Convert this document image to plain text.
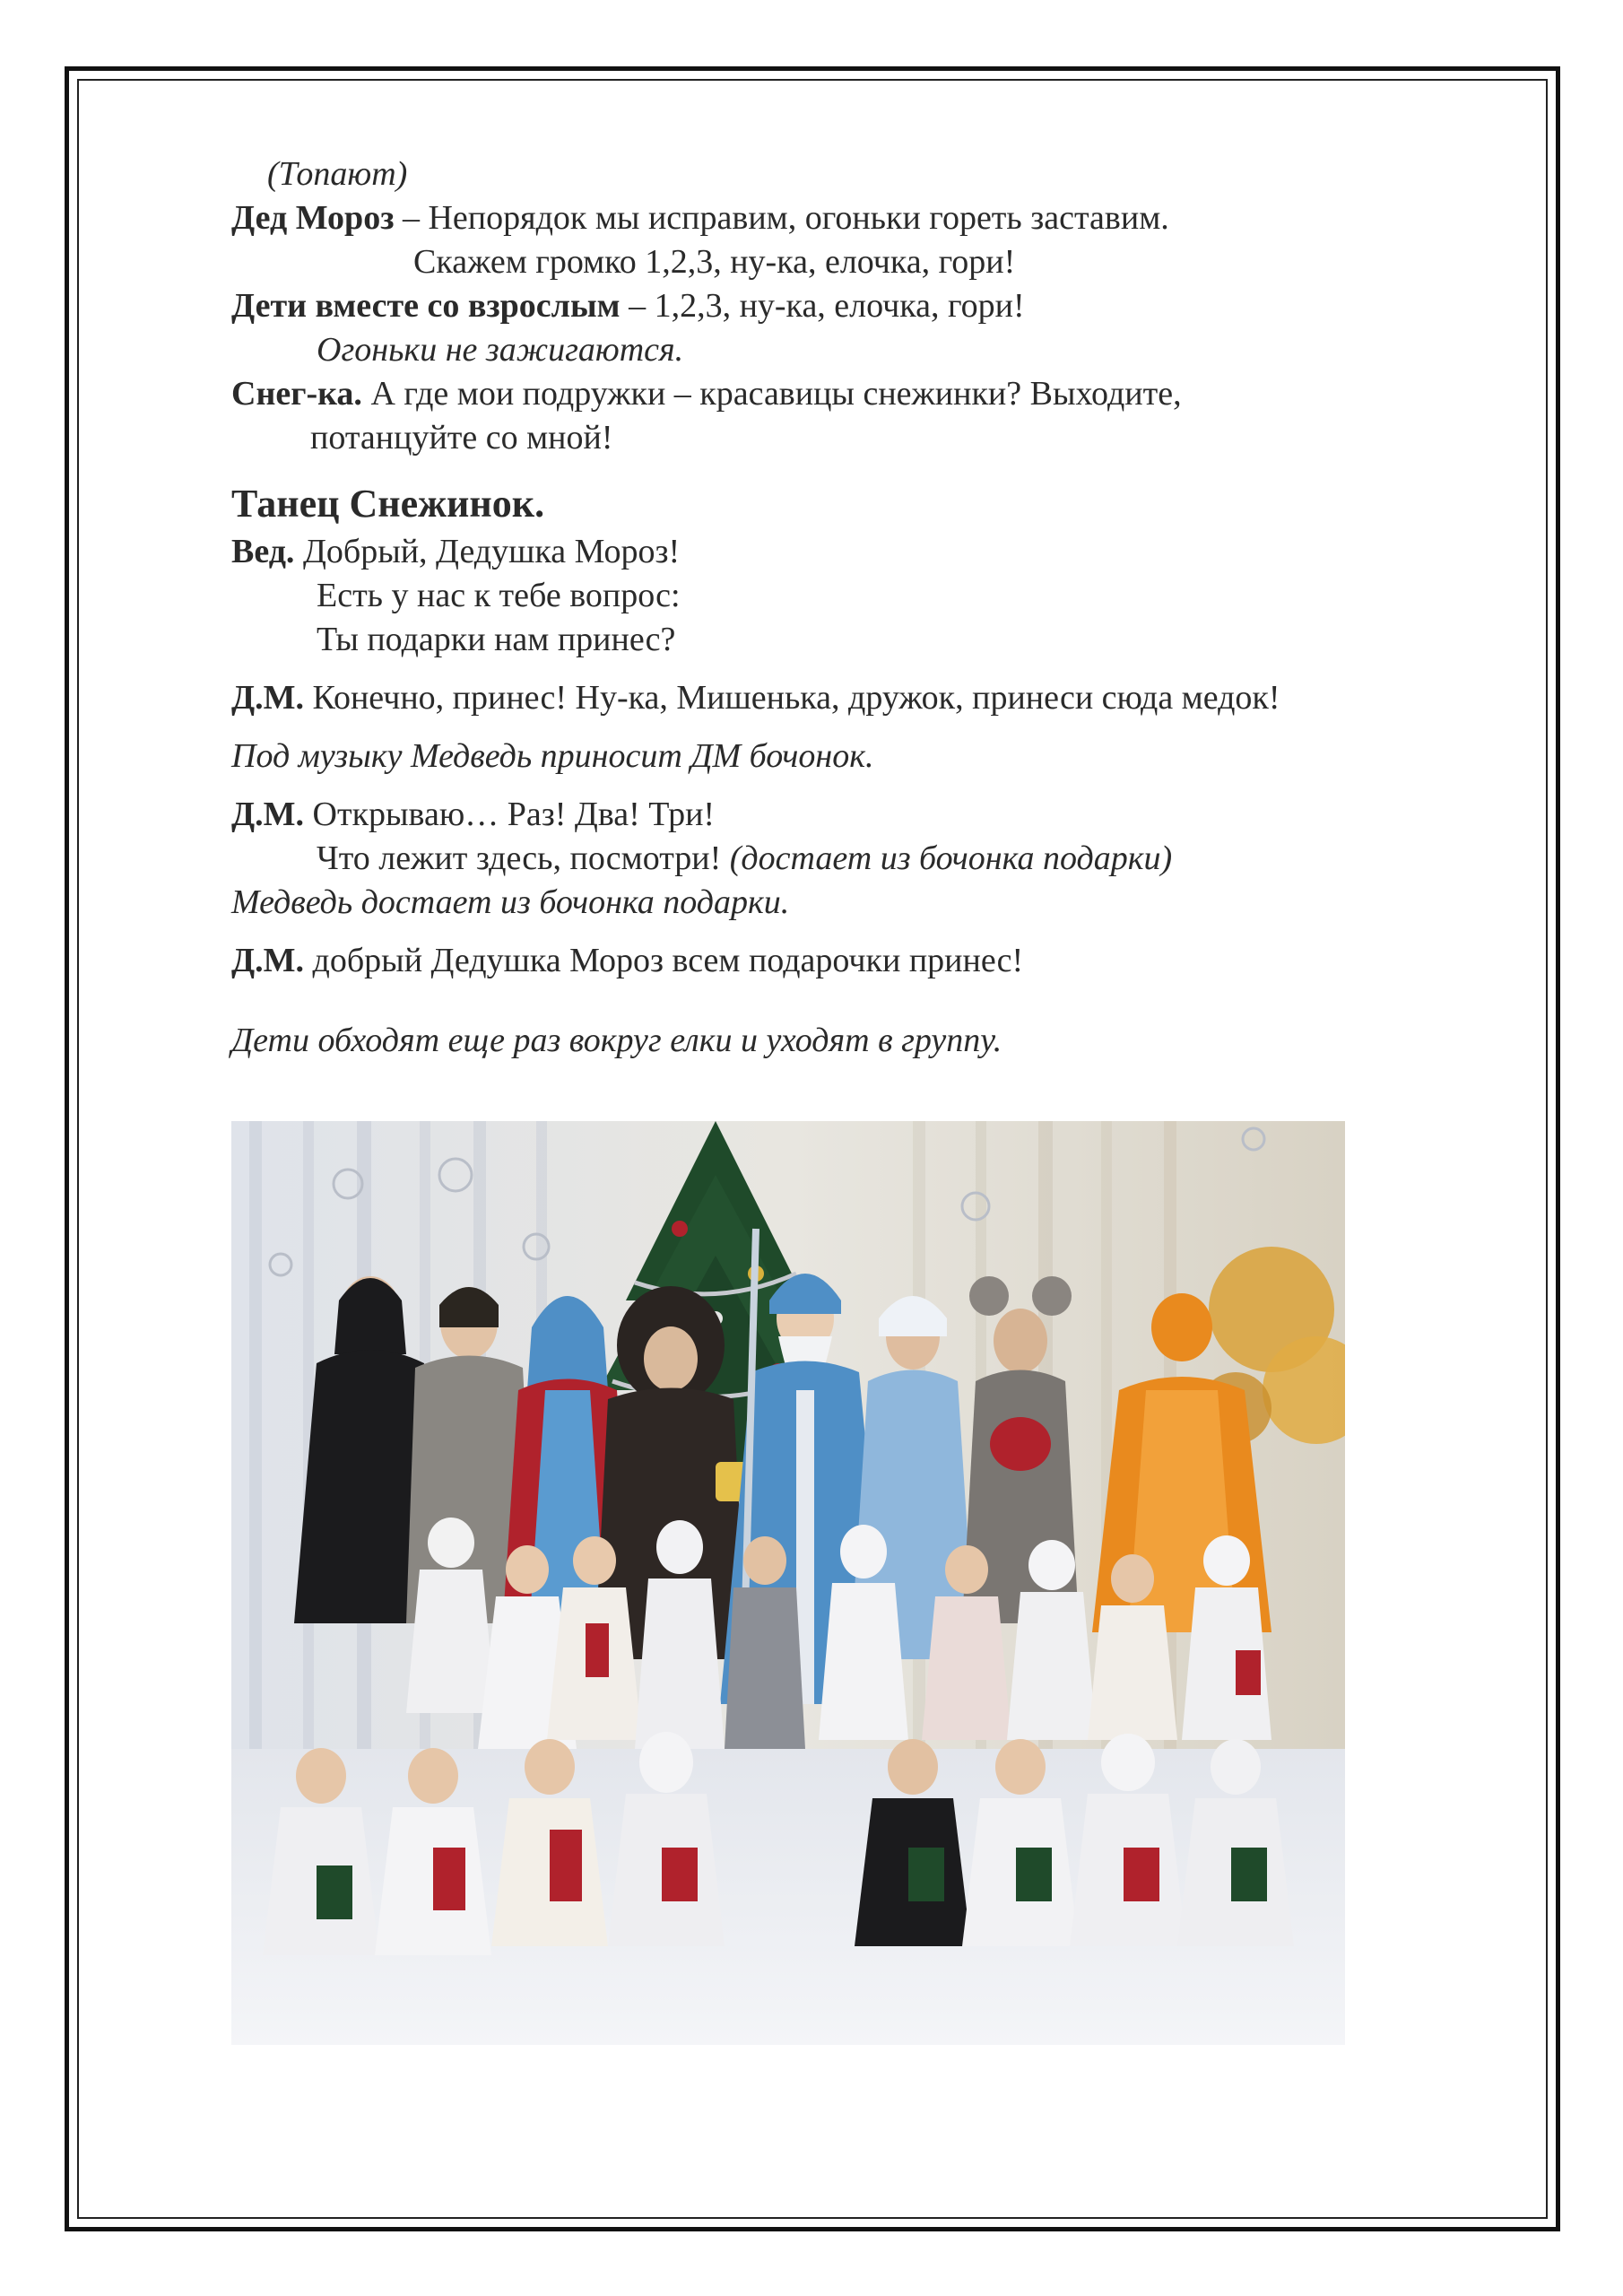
(Топают)

Дед Мороз – Непорядок мы исправим, огоньки гореть заставим.

Скажем громко 1,2,3, ну-ка, елочка, гори!

Дети вместе со взрослым – 1,2,3, ну-ка, елочка, гори!

Огоньки не зажигаются.

Снег-ка. А где мои подружки – красавицы снежинки? Выходите,

потанцуйте со мной!

Танец Снежинок.

Вед. Добрый, Дедушка Мороз!

Есть у нас к тебе вопрос:

Ты подарки нам принес?

Д.М. Конечно, принес! Ну-ка, Мишенька, дружок, принеси сюда медок!

Под музыку Медведь приносит ДМ бочонок.

Д.М. Открываю… Раз! Два! Три!

Что лежит здесь, посмотри! (достает из бочонка подарки)

Медведь достает из бочонка подарки.

Д.М. добрый Дедушка Мороз всем подарочки принес!

Дети обходят еще раз вокруг елки и уходят в группу.
